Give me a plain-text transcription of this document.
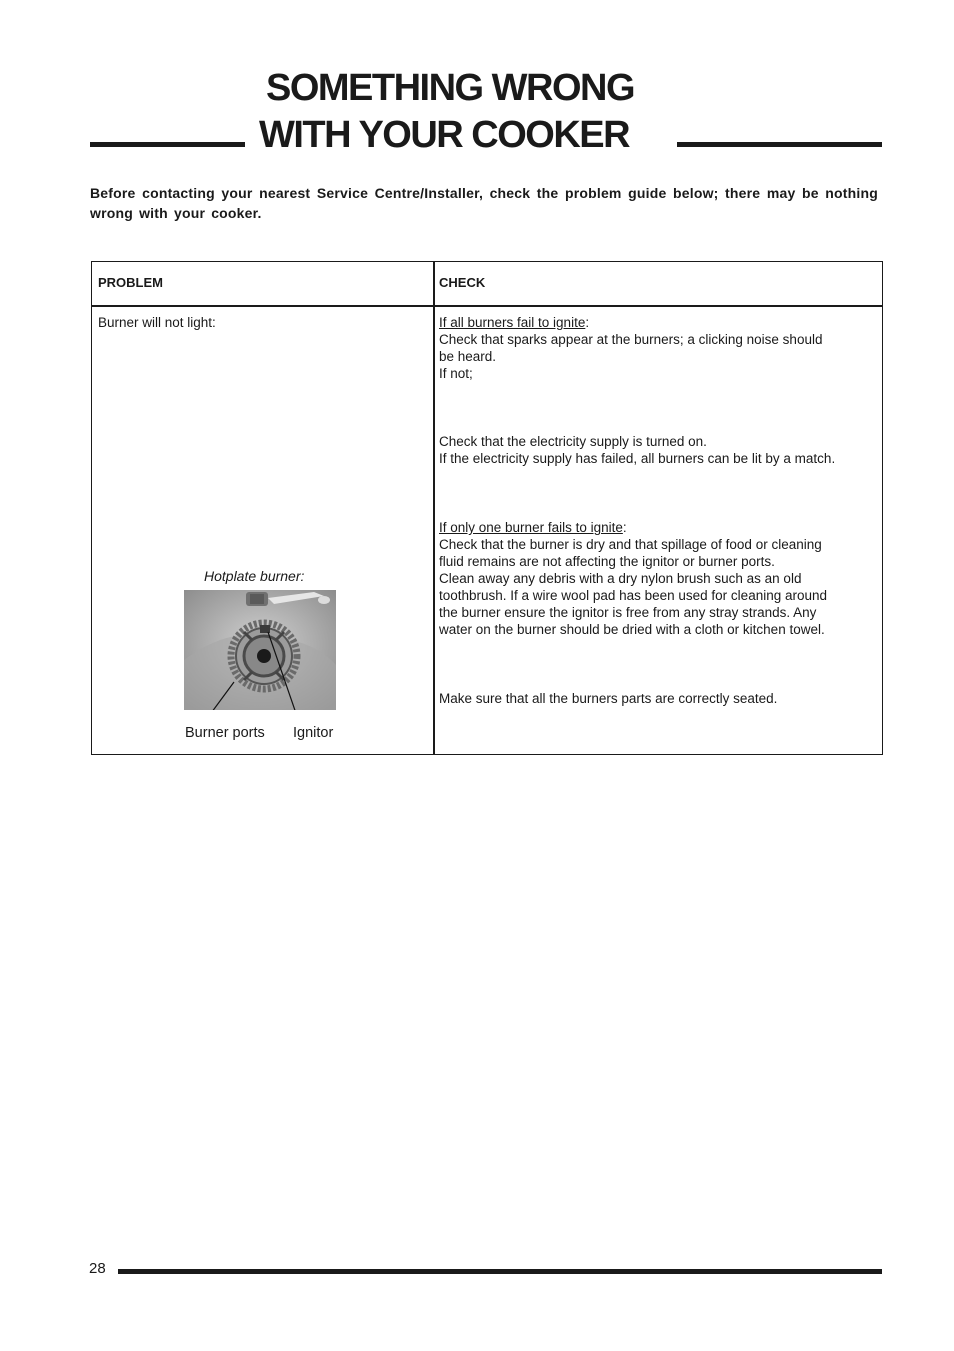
SOMETHING WRONG
WITH YOUR COOKER
Before contacting your nearest Service Centre/Installer, check the problem guide below; there may be nothing wrong with your cooker.
PROBLEM	CHECK
Burner will not light:
Hotplate burner:
Burner ports Ignitor
If all burners fail to ignite:
Check that sparks appear at the burners; a clicking noise should
be heard.
If not;
Check that the electricity supply is turned on.
If the electricity supply has failed, all burners can be lit by a match.
If only one burner fails to ignite:
Check that the burner is dry and that spillage of food or cleaning
fluid remains are not affecting the ignitor or burner ports.
Clean away any debris with a dry nylon brush such as an old
toothbrush. If a wire wool pad has been used for cleaning around
the burner ensure the ignitor is free from any stray strands. Any
water on the burner should be dried with a cloth or kitchen towel.
Make sure that all the burners parts are correctly seated.
28
